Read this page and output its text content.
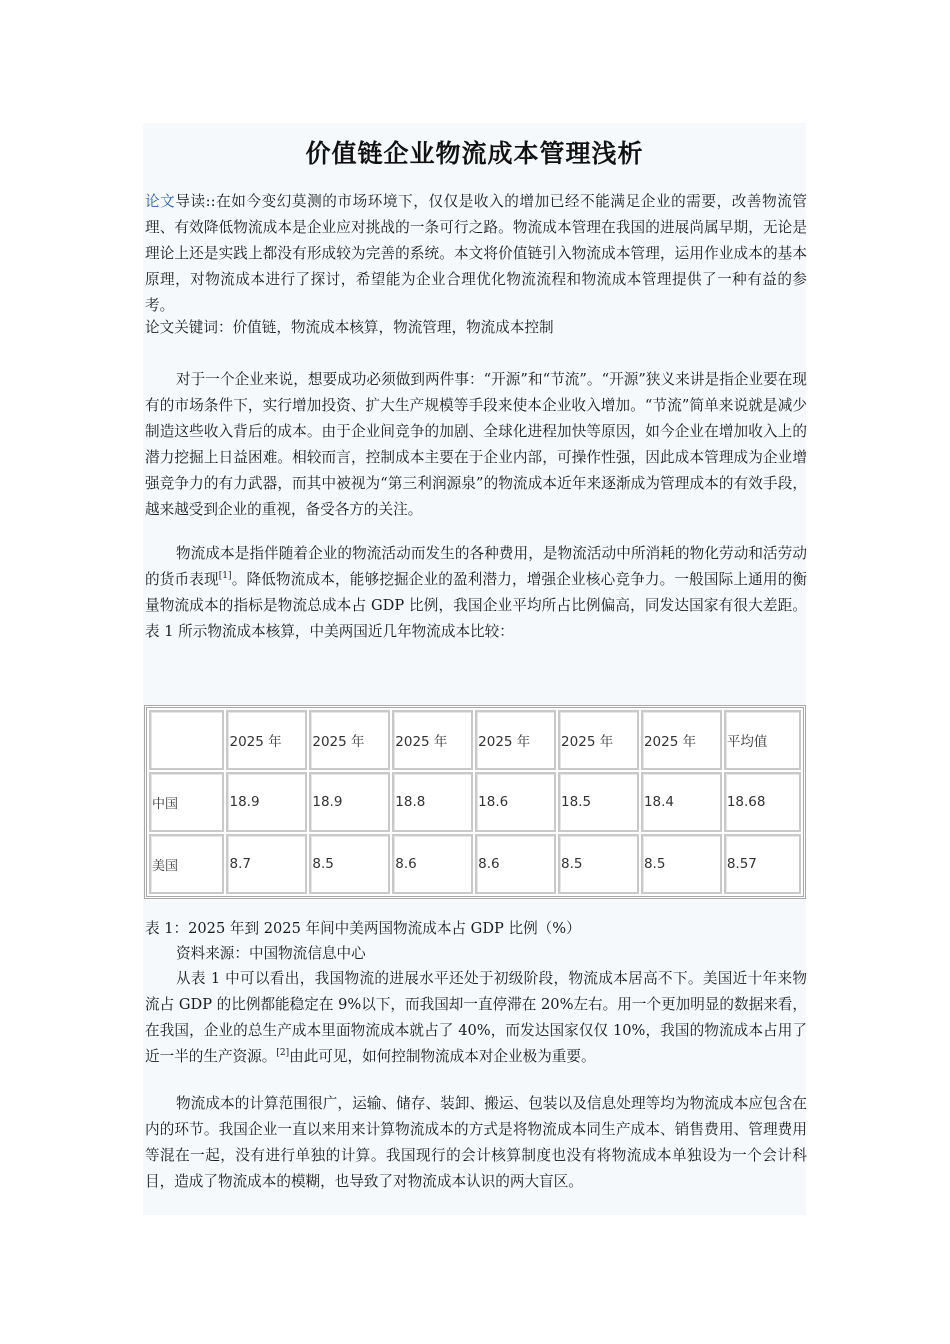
价值链企业物流成本管理浅析

论文导读::在如今变幻莫测的市场环境下，仅仅是收入的增加已经不能满足企业的需要，改善物流管理、有效降低物流成本是企业应对挑战的一条可行之路。物流成本管理在我国的进展尚属早期，无论是理论上还是实践上都没有形成较为完善的系统。本文将价值链引入物流成本管理，运用作业成本的基本原理，对物流成本进行了探讨，希望能为企业合理优化物流流程和物流成本管理提供了一种有益的参考。

论文关键词：价值链，物流成本核算，物流管理，物流成本控制

对于一个企业来说，想要成功必须做到两件事：“开源”和“节流”。“开源”狭义来讲是指企业要在现有的市场条件下，实行增加投资、扩大生产规模等手段来使本企业收入增加。“节流”简单来说就是减少制造这些收入背后的成本。由于企业间竞争的加剧、全球化进程加快等原因，如今企业在增加收入上的潜力挖掘上日益困难。相较而言，控制成本主要在于企业内部，可操作性强，因此成本管理成为企业增强竞争力的有力武器，而其中被视为“第三利润源泉”的物流成本近年来逐渐成为管理成本的有效手段，越来越受到企业的重视，备受各方的关注。

物流成本是指伴随着企业的物流活动而发生的各种费用，是物流活动中所消耗的物化劳动和活劳动的货币表现[1]。降低物流成本，能够挖掘企业的盈利潜力，增强企业核心竞争力。一般国际上通用的衡量物流成本的指标是物流总成本占 GDP 比例，我国企业平均所占比例偏高，同发达国家有很大差距。表 1 所示物流成本核算，中美两国近几年物流成本比较：

	2025 年	2025 年	2025 年	2025 年	2025 年	2025 年	平均值
中国	18.9	18.9	18.8	18.6	18.5	18.4	18.68
美国	8.7	8.5	8.6	8.6	8.5	8.5	8.57

表 1：2025 年到 2025 年间中美两国物流成本占 GDP 比例（%）

资料来源：中国物流信息中心

从表 1 中可以看出，我国物流的进展水平还处于初级阶段，物流成本居高不下。美国近十年来物流占 GDP 的比例都能稳定在 9%以下，而我国却一直停滞在 20%左右。用一个更加明显的数据来看，在我国，企业的总生产成本里面物流成本就占了 40%，而发达国家仅仅 10%，我国的物流成本占用了近一半的生产资源。[2]由此可见，如何控制物流成本对企业极为重要。

物流成本的计算范围很广，运输、储存、装卸、搬运、包装以及信息处理等均为物流成本应包含在内的环节。我国企业一直以来用来计算物流成本的方式是将物流成本同生产成本、销售费用、管理费用等混在一起，没有进行单独的计算。我国现行的会计核算制度也没有将物流成本单独设为一个会计科目，造成了物流成本的模糊，也导致了对物流成本认识的两大盲区。
